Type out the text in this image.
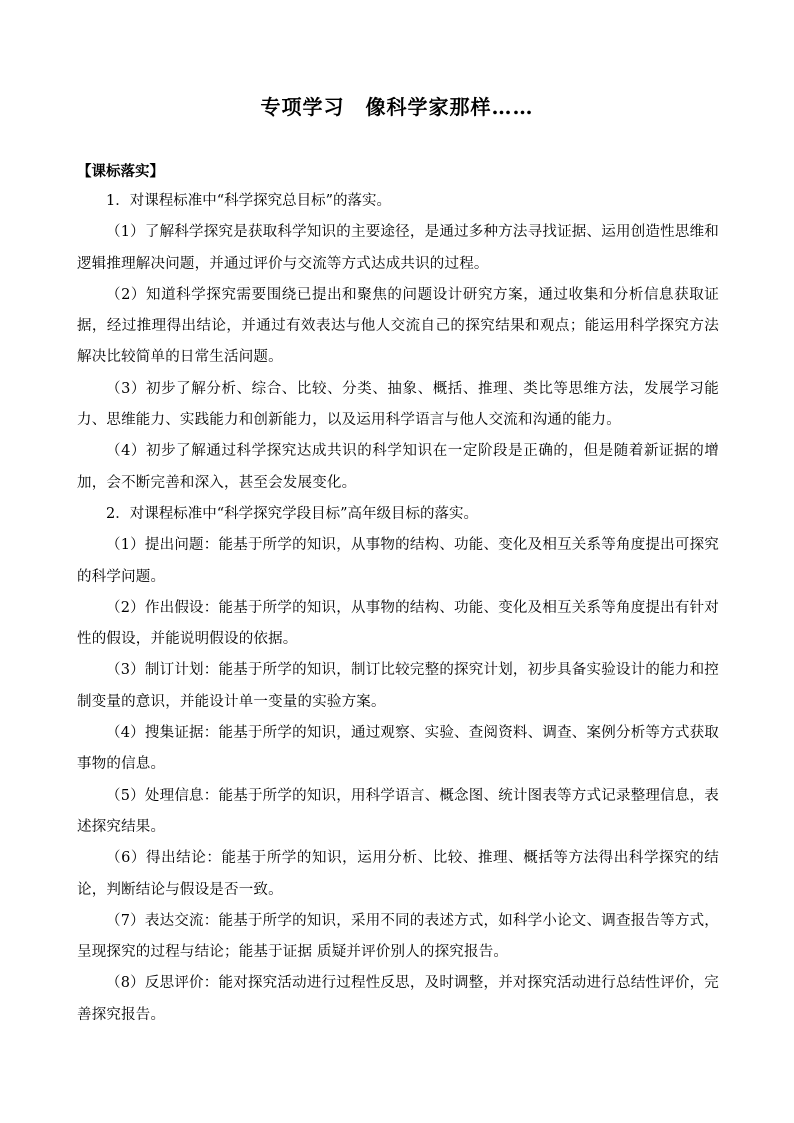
专项学习　像科学家那样……

【课标落实】

1．对课程标准中“科学探究总目标”的落实。

（1）了解科学探究是获取科学知识的主要途径，是通过多种方法寻找证据、运用创造性思维和逻辑推理解决问题，并通过评价与交流等方式达成共识的过程。

（2）知道科学探究需要围绕已提出和聚焦的问题设计研究方案，通过收集和分析信息获取证据，经过推理得出结论，并通过有效表达与他人交流自己的探究结果和观点；能运用科学探究方法解决比较简单的日常生活问题。

（3）初步了解分析、综合、比较、分类、抽象、概括、推理、类比等思维方法，发展学习能力、思维能力、实践能力和创新能力，以及运用科学语言与他人交流和沟通的能力。

（4）初步了解通过科学探究达成共识的科学知识在一定阶段是正确的，但是随着新证据的增加，会不断完善和深入，甚至会发展变化。

2．对课程标准中“科学探究学段目标”高年级目标的落实。

（1）提出问题：能基于所学的知识，从事物的结构、功能、变化及相互关系等角度提出可探究的科学问题。

（2）作出假设：能基于所学的知识，从事物的结构、功能、变化及相互关系等角度提出有针对性的假设，并能说明假设的依据。

（3）制订计划：能基于所学的知识，制订比较完整的探究计划，初步具备实验设计的能力和控制变量的意识，并能设计单一变量的实验方案。

（4）搜集证据：能基于所学的知识，通过观察、实验、查阅资料、调查、案例分析等方式获取事物的信息。

（5）处理信息：能基于所学的知识，用科学语言、概念图、统计图表等方式记录整理信息，表述探究结果。

（6）得出结论：能基于所学的知识，运用分析、比较、推理、概括等方法得出科学探究的结论，判断结论与假设是否一致。

（7）表达交流：能基于所学的知识，采用不同的表述方式，如科学小论文、调查报告等方式，呈现探究的过程与结论；能基于证据 质疑并评价别人的探究报告。

（8）反思评价：能对探究活动进行过程性反思，及时调整，并对探究活动进行总结性评价，完善探究报告。
